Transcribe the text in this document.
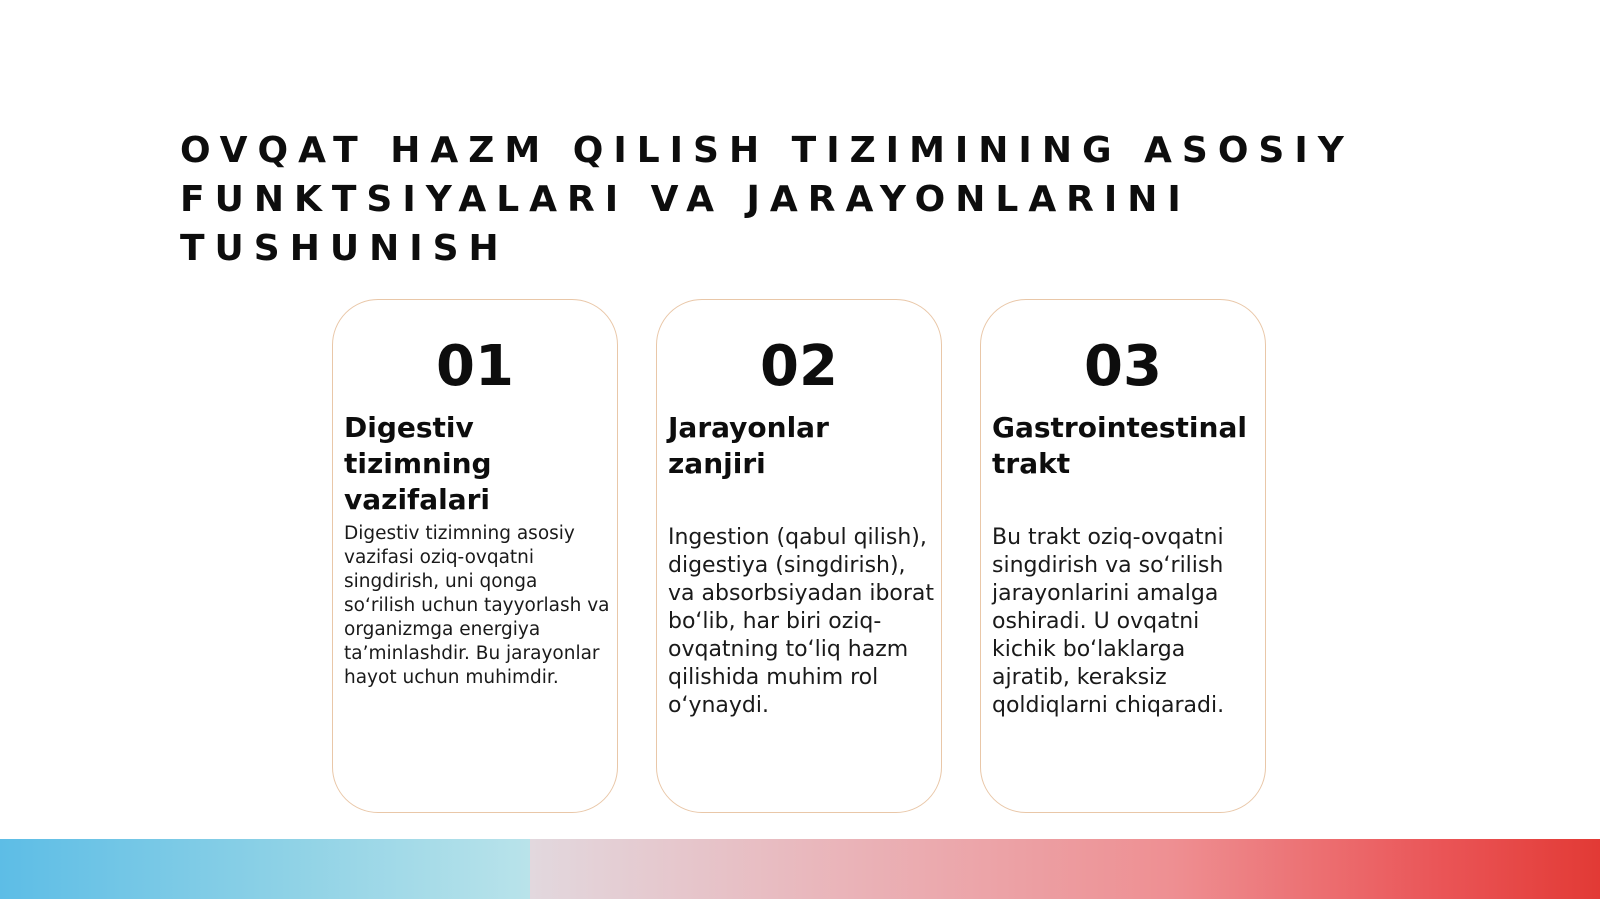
OVQAT HAZM QILISH TIZIMINING ASOSIY FUNKTSIYALARI VA JARAYONLARINI TUSHUNISH
01
Digestiv tizimning vazifalari
Digestiv tizimning asosiy vazifasi oziq-ovqatni singdirish, uni qonga so‘rilish uchun tayyorlash va organizmga energiya ta’minlashdir. Bu jarayonlar hayot uchun muhimdir.
02
Jarayonlar zanjiri
Ingestion (qabul qilish), digestiya (singdirish), va absorbsiyadan iborat bo‘lib, har biri oziq-ovqatning to‘liq hazm qilishida muhim rol o‘ynaydi.
03
Gastrointestinal trakt
Bu trakt oziq-ovqatni singdirish va so‘rilish jarayonlarini amalga oshiradi. U ovqatni kichik bo‘laklarga ajratib, keraksiz qoldiqlarni chiqaradi.
